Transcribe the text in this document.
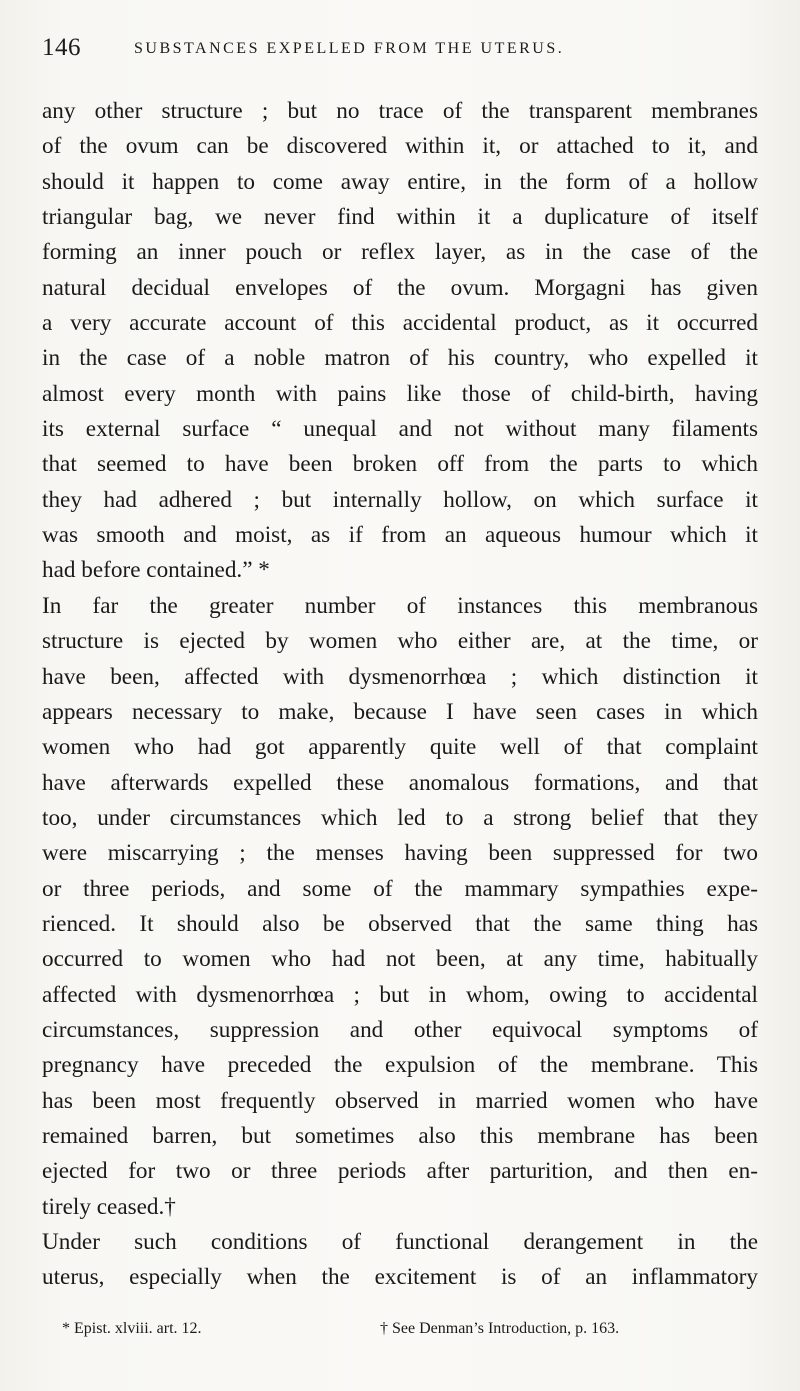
146	SUBSTANCES EXPELLED FROM THE UTERUS.
any other structure ; but no trace of the transparent membranes
of the ovum can be discovered within it, or attached to it, and
should it happen to come away entire, in the form of a hollow
triangular bag, we never find within it a duplicature of itself
forming an inner pouch or reflex layer, as in the case of the
natural decidual envelopes of the ovum. Morgagni has given
a very accurate account of this accidental product, as it occurred
in the case of a noble matron of his country, who expelled it
almost every month with pains like those of child-birth, having
its external surface “ unequal and not without many filaments
that seemed to have been broken off from the parts to which
they had adhered ; but internally hollow, on which surface it
was smooth and moist, as if from an aqueous humour which it
had before contained.” *
In far the greater number of instances this membranous
structure is ejected by women who either are, at the time, or
have been, affected with dysmenorrhœa ; which distinction it
appears necessary to make, because I have seen cases in which
women who had got apparently quite well of that complaint
have afterwards expelled these anomalous formations, and that
too, under circumstances which led to a strong belief that they
were miscarrying ; the menses having been suppressed for two
or three periods, and some of the mammary sympathies expe-
rienced. It should also be observed that the same thing has
occurred to women who had not been, at any time, habitually
affected with dysmenorrhœa ; but in whom, owing to accidental
circumstances, suppression and other equivocal symptoms of
pregnancy have preceded the expulsion of the membrane. This
has been most frequently observed in married women who have
remained barren, but sometimes also this membrane has been
ejected for two or three periods after parturition, and then en-
tirely ceased.†
Under such conditions of functional derangement in the
uterus, especially when the excitement is of an inflammatory
* Epist. xlviii. art. 12.	† See Denman’s Introduction, p. 163.
